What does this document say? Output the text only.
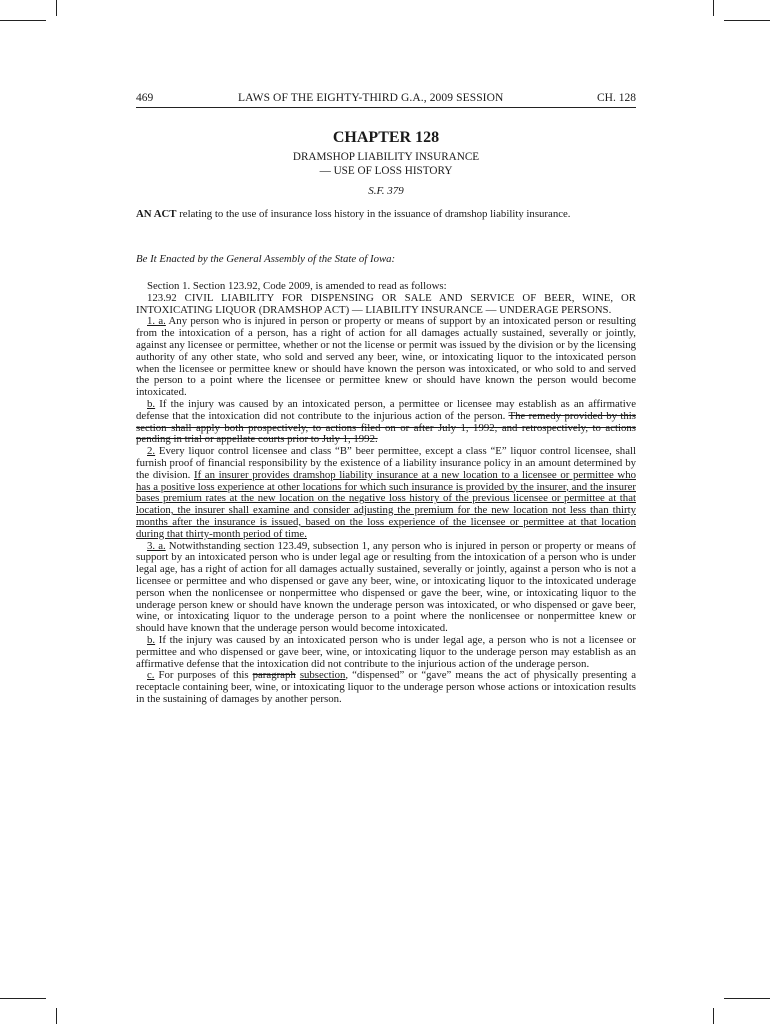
469	LAWS OF THE EIGHTY-THIRD G.A., 2009 SESSION	CH. 128
CHAPTER 128
DRAMSHOP LIABILITY INSURANCE
— USE OF LOSS HISTORY
S.F. 379
AN ACT relating to the use of insurance loss history in the issuance of dramshop liability insurance.
Be It Enacted by the General Assembly of the State of Iowa:

Section 1. Section 123.92, Code 2009, is amended to read as follows:

123.92 CIVIL LIABILITY FOR DISPENSING OR SALE AND SERVICE OF BEER, WINE, OR INTOXICATING LIQUOR (DRAMSHOP ACT) — LIABILITY INSURANCE — UNDERAGE PERSONS.

1. a. Any person who is injured in person or property or means of support by an intoxicated person or resulting from the intoxication of a person, has a right of action for all damages actually sustained, severally or jointly, against any licensee or permittee, whether or not the license or permit was issued by the division or by the licensing authority of any other state, who sold and served any beer, wine, or intoxicating liquor to the intoxicated person when the licensee or permittee knew or should have known the person was intoxicated, or who sold to and served the person to a point where the licensee or permittee knew or should have known the person would become intoxicated.

b. If the injury was caused by an intoxicated person, a permittee or licensee may establish as an affirmative defense that the intoxication did not contribute to the injurious action of the person. The remedy provided by this section shall apply both prospectively, to actions filed on or after July 1, 1992, and retrospectively, to actions pending in trial or appellate courts prior to July 1, 1992.

2. Every liquor control licensee and class “B” beer permittee, except a class “E” liquor control licensee, shall furnish proof of financial responsibility by the existence of a liability insurance policy in an amount determined by the division. If an insurer provides dramshop liability insurance at a new location to a licensee or permittee who has a positive loss experience at other locations for which such insurance is provided by the insurer, and the insurer bases premium rates at the new location on the negative loss history of the previous licensee or permittee at that location, the insurer shall examine and consider adjusting the premium for the new location not less than thirty months after the insurance is issued, based on the loss experience of the licensee or permittee at that location during that thirty-month period of time.

3. a. Notwithstanding section 123.49, subsection 1, any person who is injured in person or property or means of support by an intoxicated person who is under legal age or resulting from the intoxication of a person who is under legal age, has a right of action for all damages actually sustained, severally or jointly, against a person who is not a licensee or permittee and who dispensed or gave any beer, wine, or intoxicating liquor to the intoxicated underage person when the nonlicensee or nonpermittee who dispensed or gave the beer, wine, or intoxicating liquor to the underage person knew or should have known the underage person was intoxicated, or who dispensed or gave beer, wine, or intoxicating liquor to the underage person to a point where the nonlicensee or nonpermittee knew or should have known that the underage person would become intoxicated.

b. If the injury was caused by an intoxicated person who is under legal age, a person who is not a licensee or permittee and who dispensed or gave beer, wine, or intoxicating liquor to the underage person may establish as an affirmative defense that the intoxication did not contribute to the injurious action of the underage person.

c. For purposes of this paragraph subsection, “dispensed” or “gave” means the act of physically presenting a receptacle containing beer, wine, or intoxicating liquor to the underage person whose actions or intoxication results in the sustaining of damages by another person.
